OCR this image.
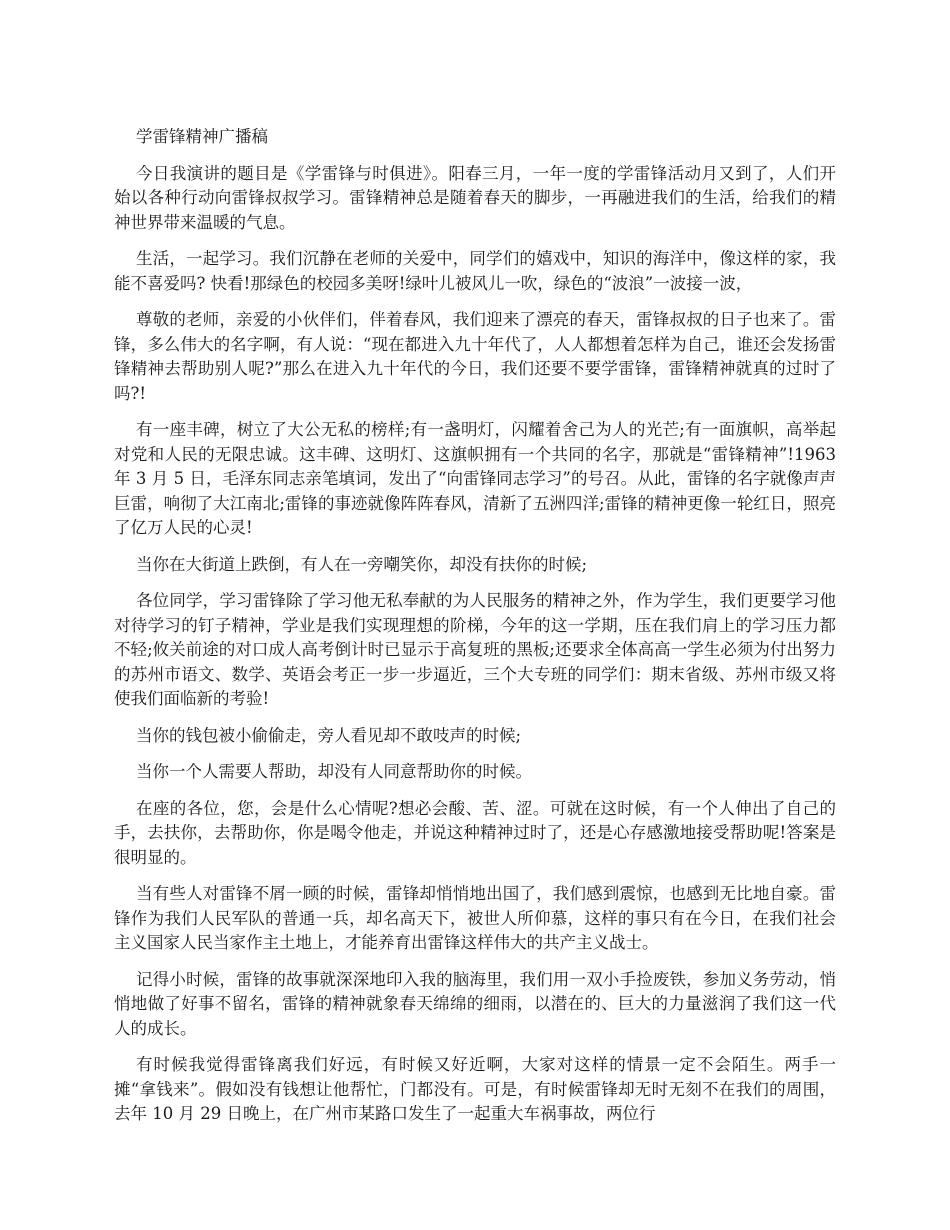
学雷锋精神广播稿

今日我演讲的题目是《学雷锋与时俱进》。阳春三月，一年一度的学雷锋活动月又到了，人们开始以各种行动向雷锋叔叔学习。雷锋精神总是随着春天的脚步，一再融进我们的生活，给我们的精神世界带来温暖的气息。

生活，一起学习。我们沉静在老师的关爱中，同学们的嬉戏中，知识的海洋中，像这样的家，我能不喜爱吗? 快看!那绿色的校园多美呀!绿叶儿被风儿一吹，绿色的“波浪”一波接一波，

尊敬的老师，亲爱的小伙伴们，伴着春风，我们迎来了漂亮的春天，雷锋叔叔的日子也来了。雷锋，多么伟大的名字啊，有人说：“现在都进入九十年代了，人人都想着怎样为自己，谁还会发扬雷锋精神去帮助别人呢?”那么在进入九十年代的今日，我们还要不要学雷锋，雷锋精神就真的过时了吗?!

有一座丰碑，树立了大公无私的榜样;有一盏明灯，闪耀着舍己为人的光芒;有一面旗帜，高举起对党和人民的无限忠诚。这丰碑、这明灯、这旗帜拥有一个共同的名字，那就是“雷锋精神”!1963 年 3 月 5 日，毛泽东同志亲笔填词，发出了“向雷锋同志学习”的号召。从此，雷锋的名字就像声声巨雷，响彻了大江南北;雷锋的事迹就像阵阵春风，清新了五洲四洋;雷锋的精神更像一轮红日，照亮了亿万人民的心灵!

当你在大街道上跌倒，有人在一旁嘲笑你，却没有扶你的时候;

各位同学，学习雷锋除了学习他无私奉献的为人民服务的精神之外，作为学生，我们更要学习他对待学习的钉子精神，学业是我们实现理想的阶梯，今年的这一学期，压在我们肩上的学习压力都不轻;攸关前途的对口成人高考倒计时已显示于高复班的黑板;还要求全体高高一学生必须为付出努力的苏州市语文、数学、英语会考正一步一步逼近，三个大专班的同学们：期末省级、苏州市级又将使我们面临新的考验!

当你的钱包被小偷偷走，旁人看见却不敢吱声的时候;

当你一个人需要人帮助，却没有人同意帮助你的时候。

在座的各位，您，会是什么心情呢?想必会酸、苦、涩。可就在这时候，有一个人伸出了自己的手，去扶你，去帮助你，你是喝令他走，并说这种精神过时了，还是心存感激地接受帮助呢!答案是很明显的。

当有些人对雷锋不屑一顾的时候，雷锋却悄悄地出国了，我们感到震惊，也感到无比地自豪。雷锋作为我们人民军队的普通一兵，却名高天下，被世人所仰慕，这样的事只有在今日，在我们社会主义国家人民当家作主土地上，才能养育出雷锋这样伟大的共产主义战士。

记得小时候，雷锋的故事就深深地印入我的脑海里，我们用一双小手捡废铁，参加义务劳动，悄悄地做了好事不留名，雷锋的精神就象春天绵绵的细雨，以潜在的、巨大的力量滋润了我们这一代人的成长。

有时候我觉得雷锋离我们好远，有时候又好近啊，大家对这样的情景一定不会陌生。两手一摊“拿钱来”。假如没有钱想让他帮忙，门都没有。可是，有时候雷锋却无时无刻不在我们的周围，去年 10 月 29 日晚上，在广州市某路口发生了一起重大车祸事故，两位行
